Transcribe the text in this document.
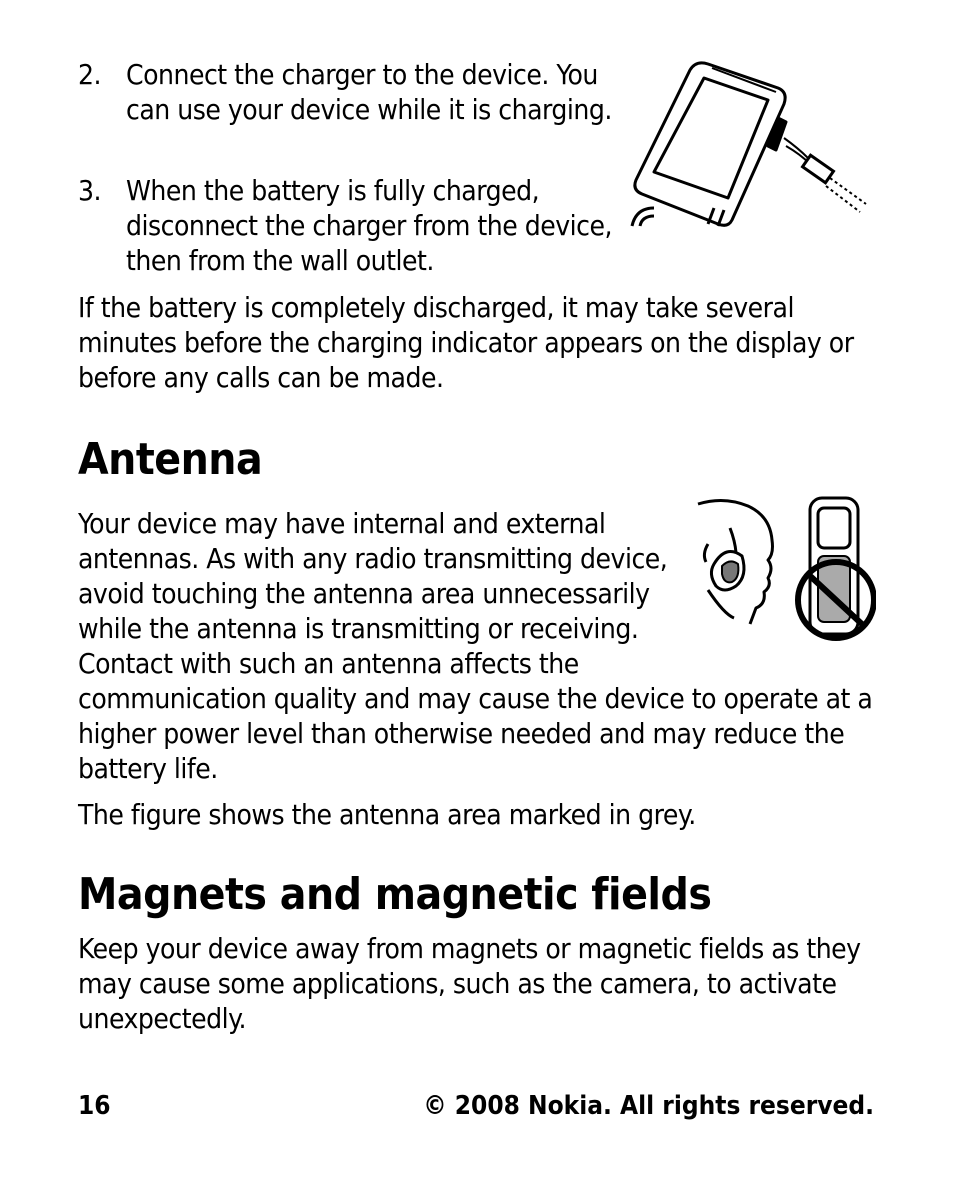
2. Connect the charger to the device. You can use your device while it is charging.
3. When the battery is fully charged, disconnect the charger from the device, then from the wall outlet.

If the battery is completely discharged, it may take several minutes before the charging indicator appears on the display or before any calls can be made.

Antenna
Your device may have internal and external antennas. As with any radio transmitting device, avoid touching the antenna area unnecessarily while the antenna is transmitting or receiving. Contact with such an antenna affects the communication quality and may cause the device to operate at a higher power level than otherwise needed and may reduce the battery life.

The figure shows the antenna area marked in grey.

Magnets and magnetic fields

Keep your device away from magnets or magnetic fields as they may cause some applications, such as the camera, to activate unexpectedly.

16	© 2008 Nokia. All rights reserved.
